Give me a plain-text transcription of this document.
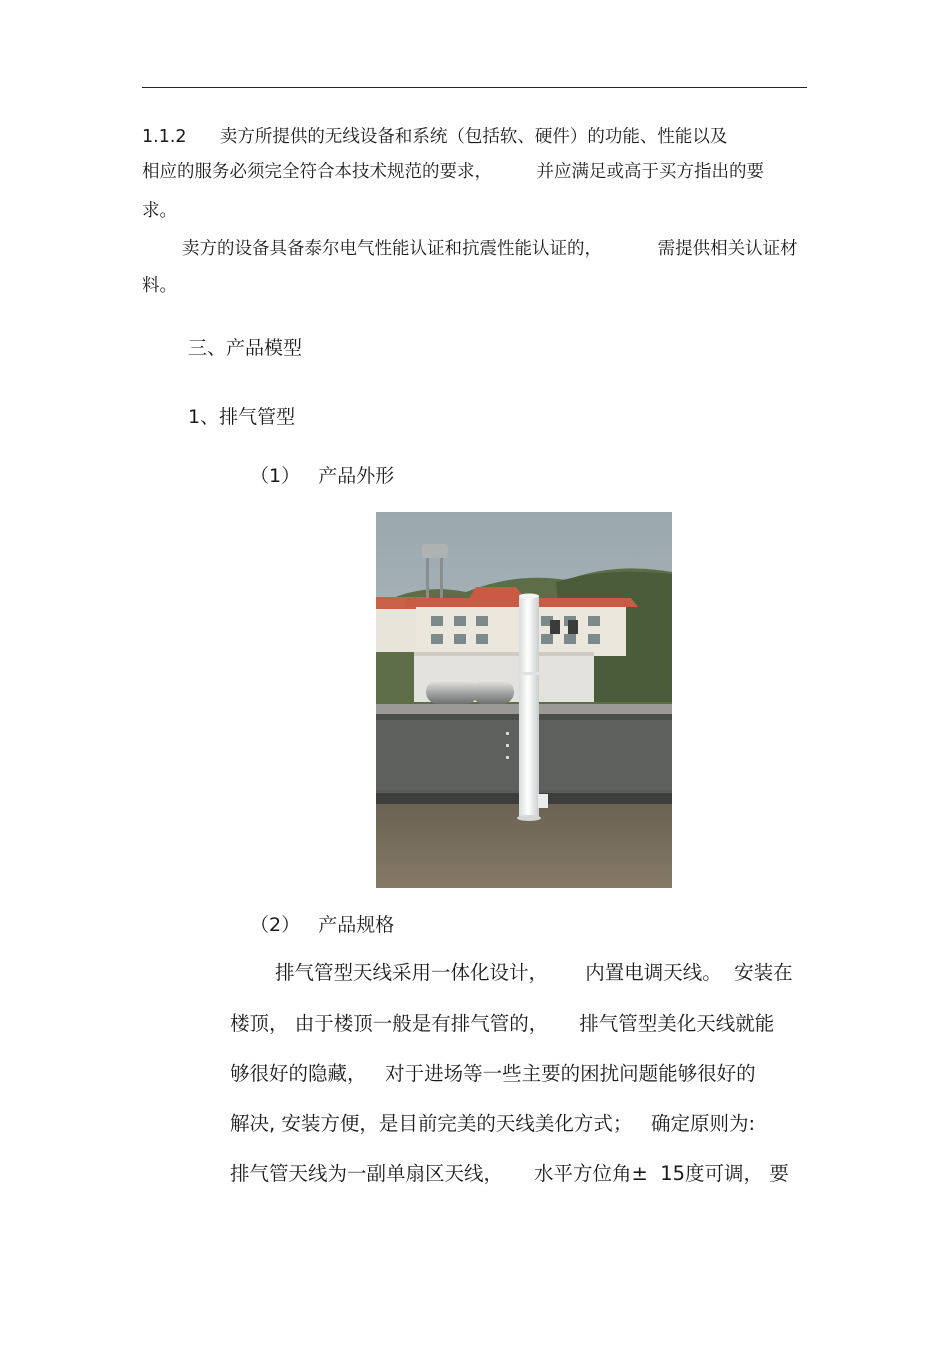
1.1.2      卖方所提供的无线设备和系统（包括软、硬件）的功能、性能以及
相应的服务必须完全符合本技术规范的要求，        并应满足或高于买方指出的要
求。
卖方的设备具备泰尔电气性能认证和抗震性能认证的，          需提供相关认证材
料。
三、产品模型
1、排气管型
（1）   产品外形
（2）   产品规格
排气管型天线采用一体化设计，      内置电调天线。  安装在
楼顶， 由于楼顶一般是有排气管的，     排气管型美化天线就能
够很好的隐藏，   对于进场等一些主要的困扰问题能够很好的
解决, 安装方便，是目前完美的天线美化方式；   确定原则为:
排气管天线为一副单扇区天线，     水平方位角±  15度可调， 要
